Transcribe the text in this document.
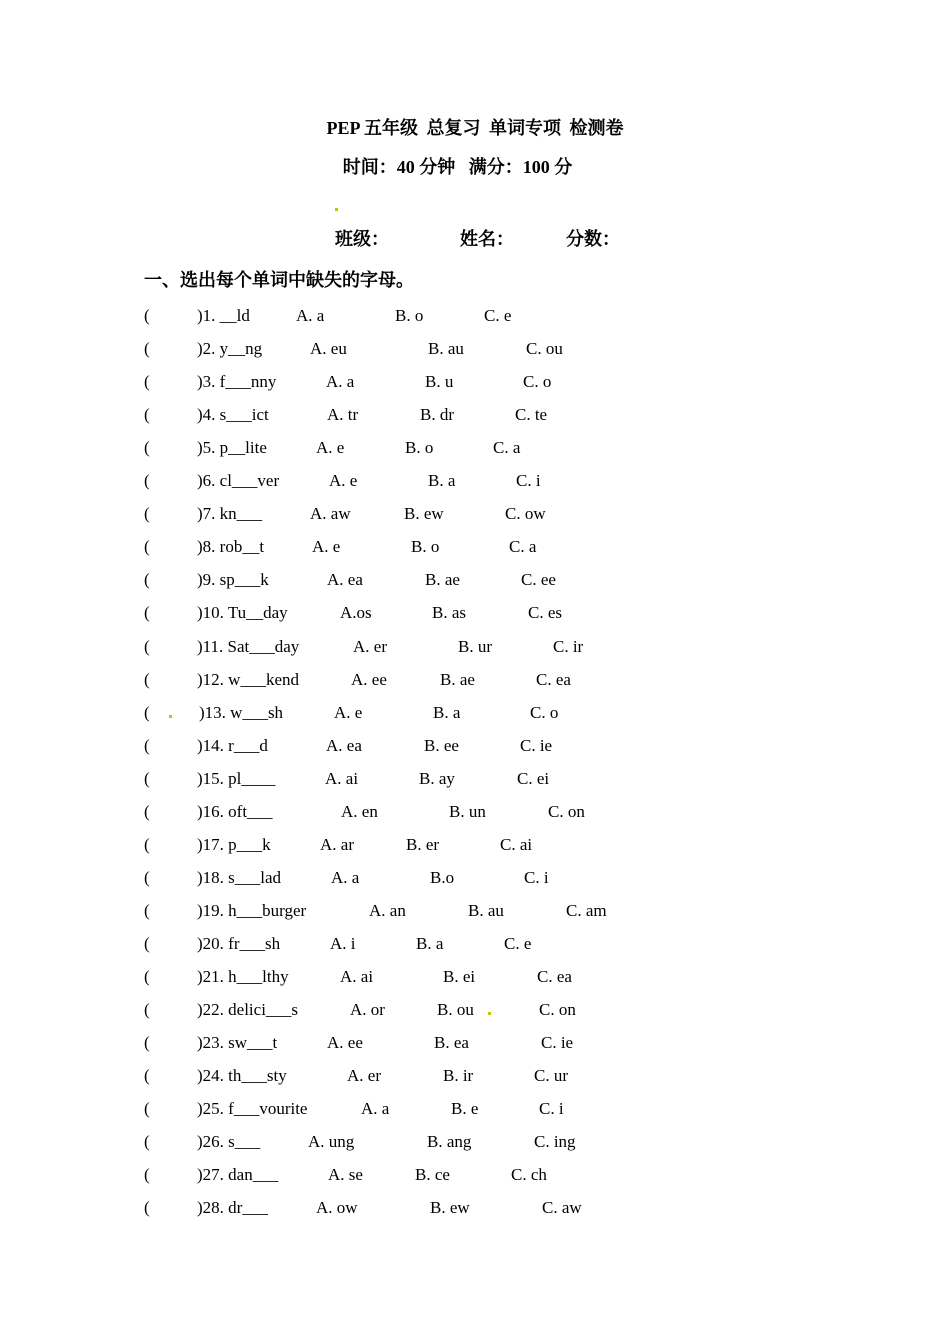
PEP 五年级 总复习 单词专项 检测卷
时间：40 分钟 满分：100 分
班级：	姓名：	分数：
一、选出每个单词中缺失的字母。
(	)1. __ld	A. a	B. o	C. e
(	)2. y__ng	A. eu	B. au	C. ou
(	)3. f___nny	A. a	B. u	C. o
(	)4. s___ict	A. tr	B. dr	C. te
(	)5. p__lite	A. e	B. o	C. a
(	)6. cl___ver	A. e	B. a	C. i
(	)7. kn___	A. aw	B. ew	C. ow
(	)8. rob__t	A. e	B. o	C. a
(	)9. sp___k	A. ea	B. ae	C. ee
(	)10. Tu__day	A.os	B. as	C. es
(	)11. Sat___day	A. er	B. ur	C. ir
(	)12. w___kend	A. ee	B. ae	C. ea
(	)13. w___sh	A. e	B. a	C. o
(	)14. r___d	A. ea	B. ee	C. ie
(	)15. pl____	A. ai	B. ay	C. ei
(	)16. oft___	A. en	B. un	C. on
(	)17. p___k	A. ar	B. er	C. ai
(	)18. s___lad	A. a	B.o	C. i
(	)19. h___burger	A. an	B. au	C. am
(	)20. fr___sh	A. i	B. a	C. e
(	)21. h___lthy	A. ai	B. ei	C. ea
(	)22. delici___s	A. or	B. ou	C. on
(	)23. sw___t	A. ee	B. ea	C. ie
(	)24. th___sty	A. er	B. ir	C. ur
(	)25. f___vourite	A. a	B. e	C. i
(	)26. s___	A. ung	B. ang	C. ing
(	)27. dan___	A. se	B. ce	C. ch
(	)28. dr___	A. ow	B. ew	C. aw
